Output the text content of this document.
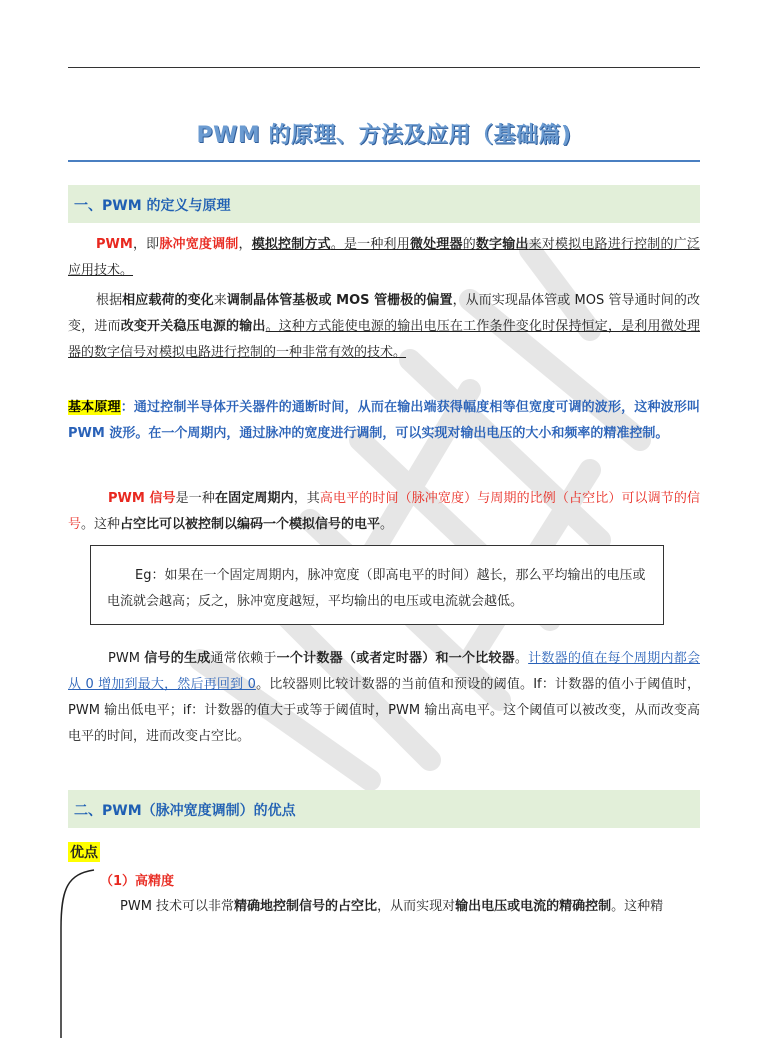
PWM 的原理、方法及应用（基础篇)
一、PWM 的定义与原理
PWM，即脉冲宽度调制，模拟控制方式。是一种利用微处理器的数字输出来对模拟电路进行控制的广泛应用技术。
根据相应载荷的变化来调制晶体管基极或 MOS 管栅极的偏置，从而实现晶体管或 MOS 管导通时间的改变，进而改变开关稳压电源的输出。这种方式能使电源的输出电压在工作条件变化时保持恒定，是利用微处理器的数字信号对模拟电路进行控制的一种非常有效的技术。
基本原理：通过控制半导体开关器件的通断时间，从而在输出端获得幅度相等但宽度可调的波形，这种波形叫 PWM 波形。在一个周期内，通过脉冲的宽度进行调制，可以实现对输出电压的大小和频率的精准控制。
PWM 信号是一种在固定周期内，其高电平的时间（脉冲宽度）与周期的比例（占空比）可以调节的信号。这种占空比可以被控制以编码一个模拟信号的电平。
Eg：如果在一个固定周期内，脉冲宽度（即高电平的时间）越长，那么平均输出的电压或电流就会越高；反之，脉冲宽度越短，平均输出的电压或电流就会越低。
PWM 信号的生成通常依赖于一个计数器（或者定时器）和一个比较器。计数器的值在每个周期内都会从 0 增加到最大，然后再回到 0。比较器则比较计数器的当前值和预设的阈值。If：计数器的值小于阈值时，PWM 输出低电平；if：计数器的值大于或等于阈值时，PWM 输出高电平。这个阈值可以被改变，从而改变高电平的时间，进而改变占空比。
二、PWM（脉冲宽度调制）的优点
优点
（1）高精度
PWM 技术可以非常精确地控制信号的占空比，从而实现对输出电压或电流的精确控制。这种精
